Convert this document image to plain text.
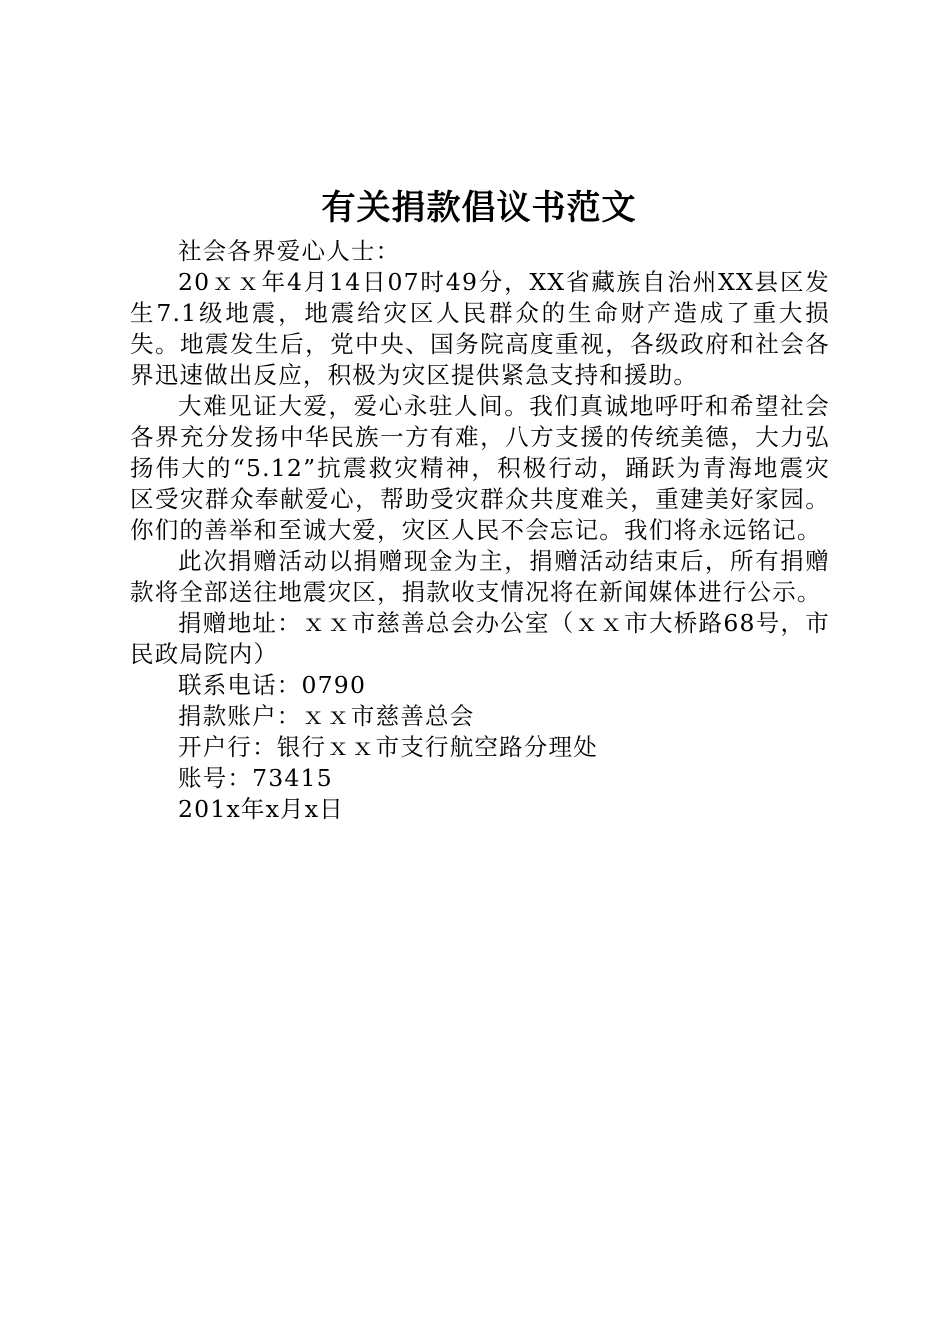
有关捐款倡议书范文

社会各界爱心人士：

20ｘｘ年4月14日07时49分，XX省藏族自治州XX县区发生7.1级地震，地震给灾区人民群众的生命财产造成了重大损失。地震发生后，党中央、国务院高度重视，各级政府和社会各界迅速做出反应，积极为灾区提供紧急支持和援助。

大难见证大爱，爱心永驻人间。我们真诚地呼吁和希望社会各界充分发扬中华民族一方有难，八方支援的传统美德，大力弘扬伟大的“5.12”抗震救灾精神，积极行动，踊跃为青海地震灾区受灾群众奉献爱心，帮助受灾群众共度难关，重建美好家园。你们的善举和至诚大爱，灾区人民不会忘记。我们将永远铭记。

此次捐赠活动以捐赠现金为主，捐赠活动结束后，所有捐赠款将全部送往地震灾区，捐款收支情况将在新闻媒体进行公示。

捐赠地址：ｘｘ市慈善总会办公室（ｘｘ市大桥路68号，市民政局院内）

联系电话：0790

捐款账户：ｘｘ市慈善总会

开户行：银行ｘｘ市支行航空路分理处

账号：73415

201x年x月x日
